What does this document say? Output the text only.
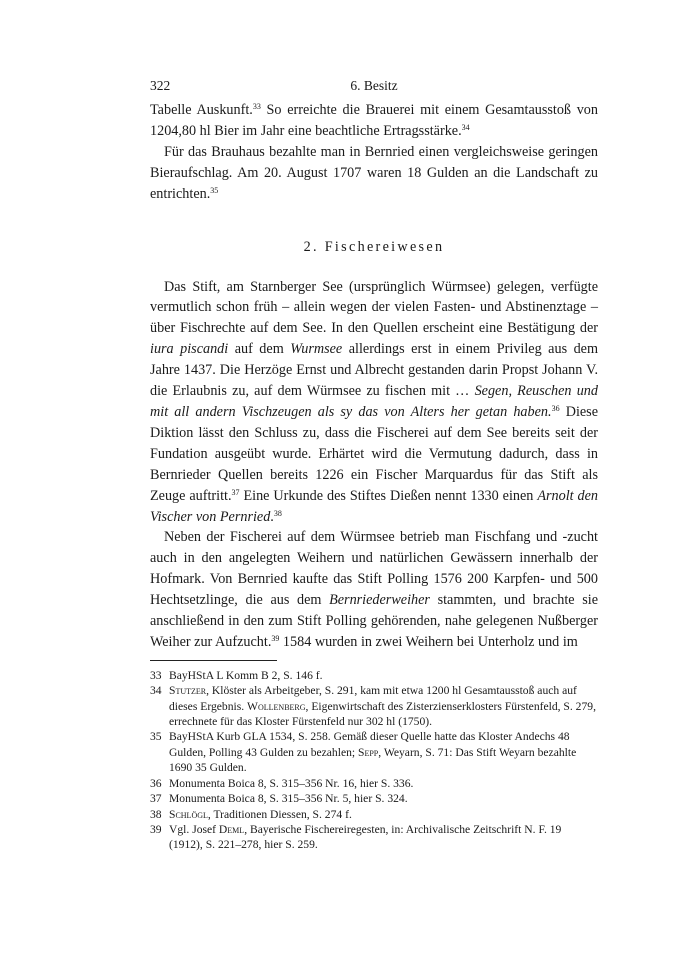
322	6. Besitz

Tabelle Auskunft.$^{33}$ So erreichte die Brauerei mit einem Gesamtausstoß von 1204,80 hl Bier im Jahr eine beachtliche Ertragsstärke.$^{34}$

Für das Brauhaus bezahlte man in Bernried einen vergleichsweise geringen Bieraufschlag. Am 20. August 1707 waren 18 Gulden an die Landschaft zu entrichten.$^{35}$

2. Fischereiwesen

Das Stift, am Starnberger See (ursprünglich Würmsee) gelegen, verfügte vermutlich schon früh – allein wegen der vielen Fasten- und Abstinenztage – über Fischrechte auf dem See. In den Quellen erscheint eine Bestätigung der iura piscandi auf dem Wurmsee allerdings erst in einem Privileg aus dem Jahre 1437. Die Herzöge Ernst und Albrecht gestanden darin Propst Johann V. die Erlaubnis zu, auf dem Würmsee zu fischen mit … Segen, Reuschen und mit all andern Vischzeugen als sy das von Alters her getan haben.$^{36}$ Diese Diktion lässt den Schluss zu, dass die Fischerei auf dem See bereits seit der Fundation ausgeübt wurde. Erhärtet wird die Vermutung dadurch, dass in Bernrieder Quellen bereits 1226 ein Fischer Marquardus für das Stift als Zeuge auftritt.$^{37}$ Eine Urkunde des Stiftes Dießen nennt 1330 einen Arnolt den Vischer von Pernried.$^{38}$

Neben der Fischerei auf dem Würmsee betrieb man Fischfang und -zucht auch in den angelegten Weihern und natürlichen Gewässern innerhalb der Hofmark. Von Bernried kaufte das Stift Polling 1576 200 Karpfen- und 500 Hechtsetzlinge, die aus dem Bernriederweiher stammten, und brachte sie anschließend in den zum Stift Polling gehörenden, nahe gelegenen Nußberger Weiher zur Aufzucht.$^{39}$ 1584 wurden in zwei Weihern bei Unterholz und im

33 BayHStA L Komm B 2, S. 146 f.
34 Stutzer, Klöster als Arbeitgeber, S. 291, kam mit etwa 1200 hl Gesamtausstoß auch auf dieses Ergebnis. Wollenberg, Eigenwirtschaft des Zisterzienserklosters Fürstenfeld, S. 279, errechnete für das Kloster Fürstenfeld nur 302 hl (1750).
35 BayHStA Kurb GLA 1534, S. 258. Gemäß dieser Quelle hatte das Kloster Andechs 48 Gulden, Polling 43 Gulden zu bezahlen; Sepp, Weyarn, S. 71: Das Stift Weyarn bezahlte 1690 35 Gulden.
36 Monumenta Boica 8, S. 315–356 Nr. 16, hier S. 336.
37 Monumenta Boica 8, S. 315–356 Nr. 5, hier S. 324.
38 Schlögl, Traditionen Diessen, S. 274 f.
39 Vgl. Josef Deml, Bayerische Fischereiregesten, in: Archivalische Zeitschrift N. F. 19 (1912), S. 221–278, hier S. 259.
